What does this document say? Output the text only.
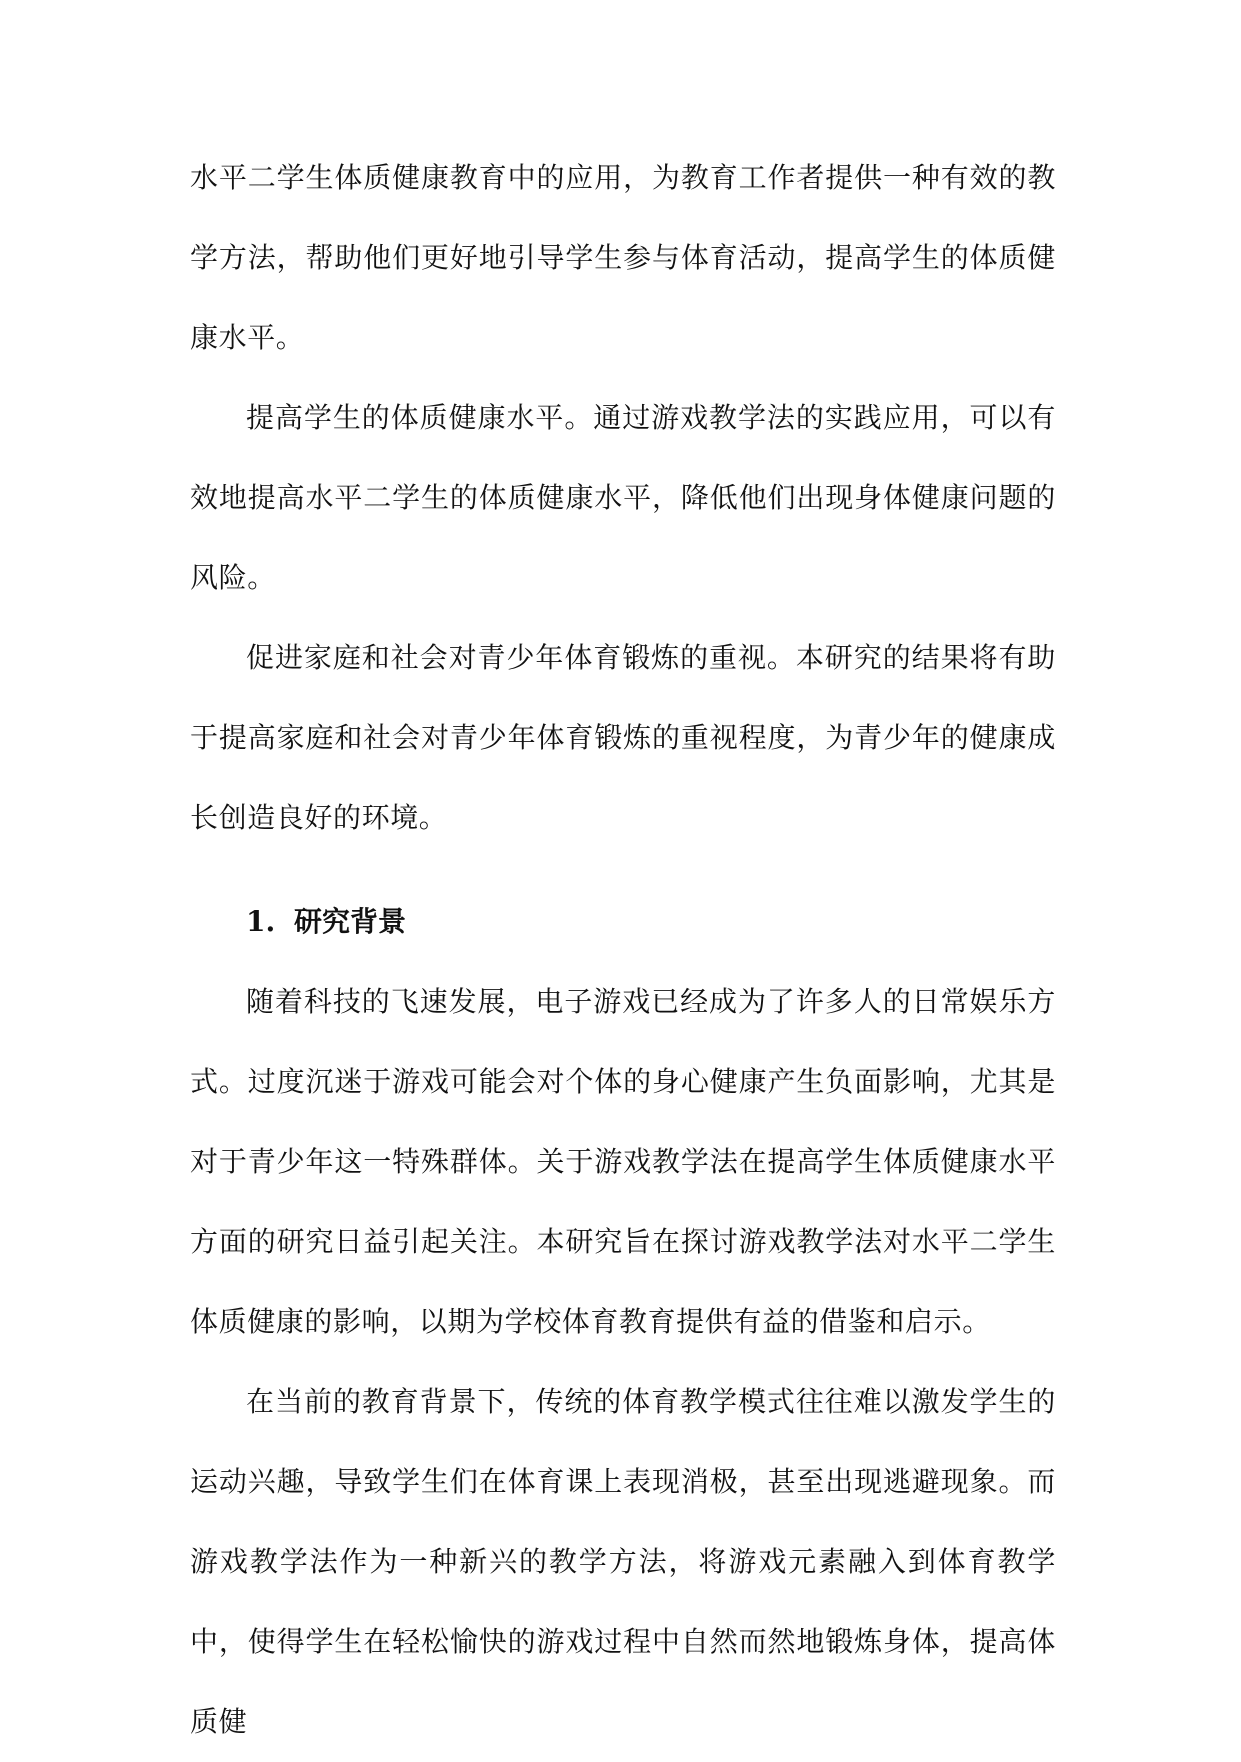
水平二学生体质健康教育中的应用，为教育工作者提供一种有效的教学方法，帮助他们更好地引导学生参与体育活动，提高学生的体质健康水平。

提高学生的体质健康水平。通过游戏教学法的实践应用，可以有效地提高水平二学生的体质健康水平，降低他们出现身体健康问题的风险。

促进家庭和社会对青少年体育锻炼的重视。本研究的结果将有助于提高家庭和社会对青少年体育锻炼的重视程度，为青少年的健康成长创造良好的环境。

1. 研究背景

随着科技的飞速发展，电子游戏已经成为了许多人的日常娱乐方式。过度沉迷于游戏可能会对个体的身心健康产生负面影响，尤其是对于青少年这一特殊群体。关于游戏教学法在提高学生体质健康水平方面的研究日益引起关注。本研究旨在探讨游戏教学法对水平二学生体质健康的影响，以期为学校体育教育提供有益的借鉴和启示。

在当前的教育背景下，传统的体育教学模式往往难以激发学生的运动兴趣，导致学生们在体育课上表现消极，甚至出现逃避现象。而游戏教学法作为一种新兴的教学方法，将游戏元素融入到体育教学中，使得学生在轻松愉快的游戏过程中自然而然地锻炼身体，提高体质健
